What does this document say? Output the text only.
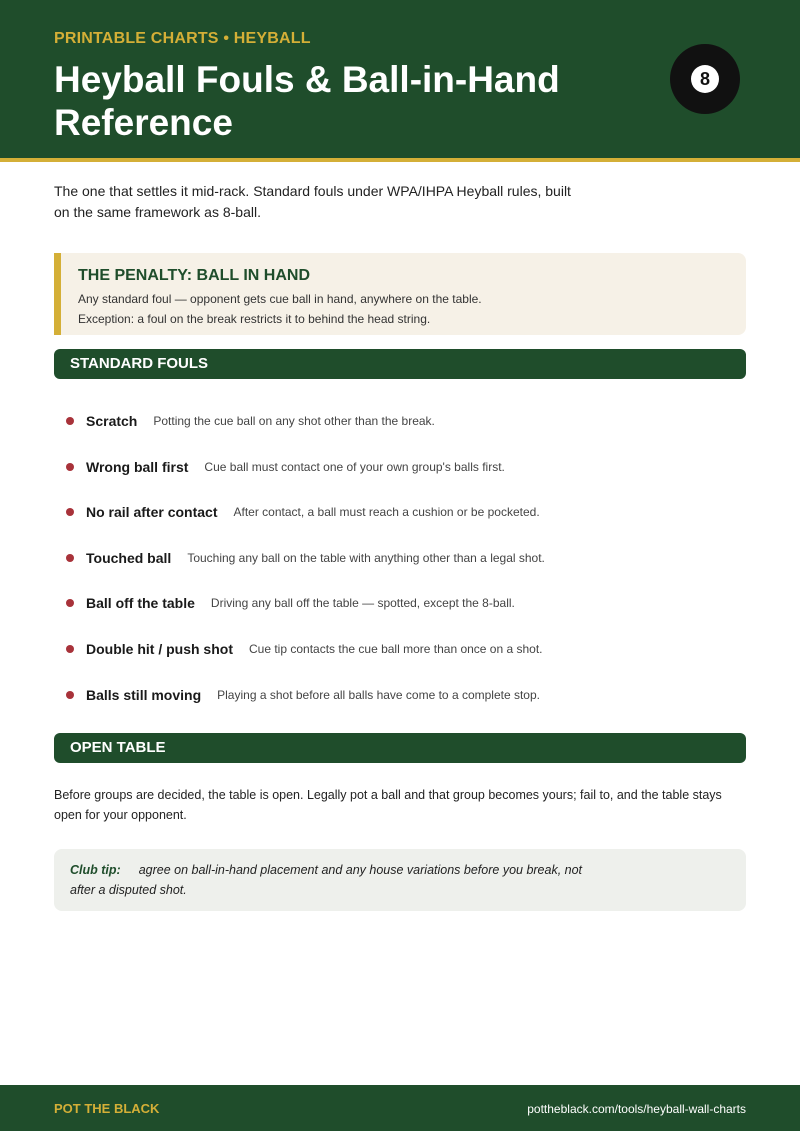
PRINTABLE CHARTS • HEYBALL
Heyball Fouls & Ball-in-Hand Reference
8

The one that settles it mid-rack. Standard fouls under WPA/IHPA Heyball rules, built on the same framework as 8-ball.

THE PENALTY: BALL IN HAND
Any standard foul — opponent gets cue ball in hand, anywhere on the table.
Exception: a foul on the break restricts it to behind the head string.
STANDARD FOULS
Scratch Potting the cue ball on any shot other than the break.
Wrong ball first Cue ball must contact one of your own group's balls first.
No rail after contact After contact, a ball must reach a cushion or be pocketed.
Touched ball Touching any ball on the table with anything other than a legal shot.
Ball off the table Driving any ball off the table — spotted, except the 8-ball.
Double hit / push shot Cue tip contacts the cue ball more than once on a shot.
Balls still moving Playing a shot before all balls have come to a complete stop.
OPEN TABLE

Before groups are decided, the table is open. Legally pot a ball and that group becomes yours; fail to, and the table stays open for your opponent.

Club tip: agree on ball-in-hand placement and any house variations before you break, not after a disputed shot.

POT THE BLACK	pottheblack.com/tools/heyball-wall-charts
